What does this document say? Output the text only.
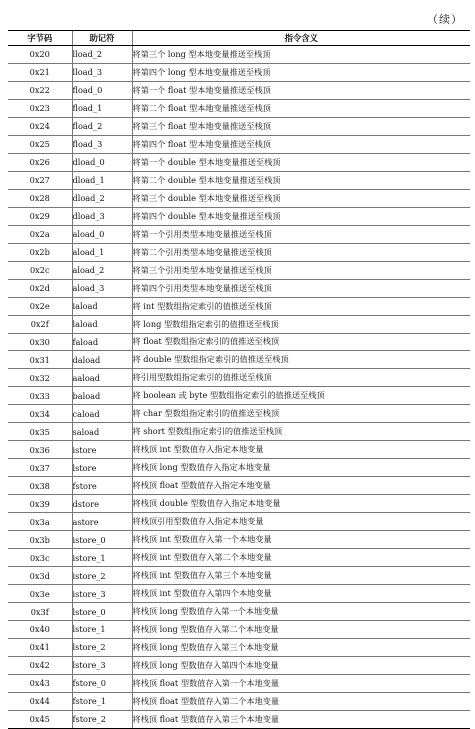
（续）
字节码	助记符	指令含义
0x20	lload_2	将第三个 long 型本地变量推送至栈顶
0x21	lload_3	将第四个 long 型本地变量推送至栈顶
0x22	fload_0	将第一个 float 型本地变量推送至栈顶
0x23	fload_1	将第二个 float 型本地变量推送至栈顶
0x24	fload_2	将第三个 float 型本地变量推送至栈顶
0x25	fload_3	将第四个 float 型本地变量推送至栈顶
0x26	dload_0	将第一个 double 型本地变量推送至栈顶
0x27	dload_1	将第二个 double 型本地变量推送至栈顶
0x28	dload_2	将第三个 double 型本地变量推送至栈顶
0x29	dload_3	将第四个 double 型本地变量推送至栈顶
0x2a	aload_0	将第一个引用类型本地变量推送至栈顶
0x2b	aload_1	将第二个引用类型本地变量推送至栈顶
0x2c	aload_2	将第三个引用类型本地变量推送至栈顶
0x2d	aload_3	将第四个引用类型本地变量推送至栈顶
0x2e	iaload	将 int 型数组指定索引的值推送至栈顶
0x2f	laload	将 long 型数组指定索引的值推送至栈顶
0x30	faload	将 float 型数组指定索引的值推送至栈顶
0x31	daload	将 double 型数组指定索引的值推送至栈顶
0x32	aaload	将引用型数组指定索引的值推送至栈顶
0x33	baload	将 boolean 或 byte 型数组指定索引的值推送至栈顶
0x34	caload	将 char 型数组指定索引的值推送至栈顶
0x35	saload	将 short 型数组指定索引的值推送至栈顶
0x36	istore	将栈顶 int 型数值存入指定本地变量
0x37	lstore	将栈顶 long 型数值存入指定本地变量
0x38	fstore	将栈顶 float 型数值存入指定本地变量
0x39	dstore	将栈顶 double 型数值存入指定本地变量
0x3a	astore	将栈顶引用型数值存入指定本地变量
0x3b	istore_0	将栈顶 int 型数值存入第一个本地变量
0x3c	istore_1	将栈顶 int 型数值存入第二个本地变量
0x3d	istore_2	将栈顶 int 型数值存入第三个本地变量
0x3e	istore_3	将栈顶 int 型数值存入第四个本地变量
0x3f	lstore_0	将栈顶 long 型数值存入第一个本地变量
0x40	lstore_1	将栈顶 long 型数值存入第二个本地变量
0x41	lstore_2	将栈顶 long 型数值存入第三个本地变量
0x42	lstore_3	将栈顶 long 型数值存入第四个本地变量
0x43	fstore_0	将栈顶 float 型数值存入第一个本地变量
0x44	fstore_1	将栈顶 float 型数值存入第二个本地变量
0x45	fstore_2	将栈顶 float 型数值存入第三个本地变量
